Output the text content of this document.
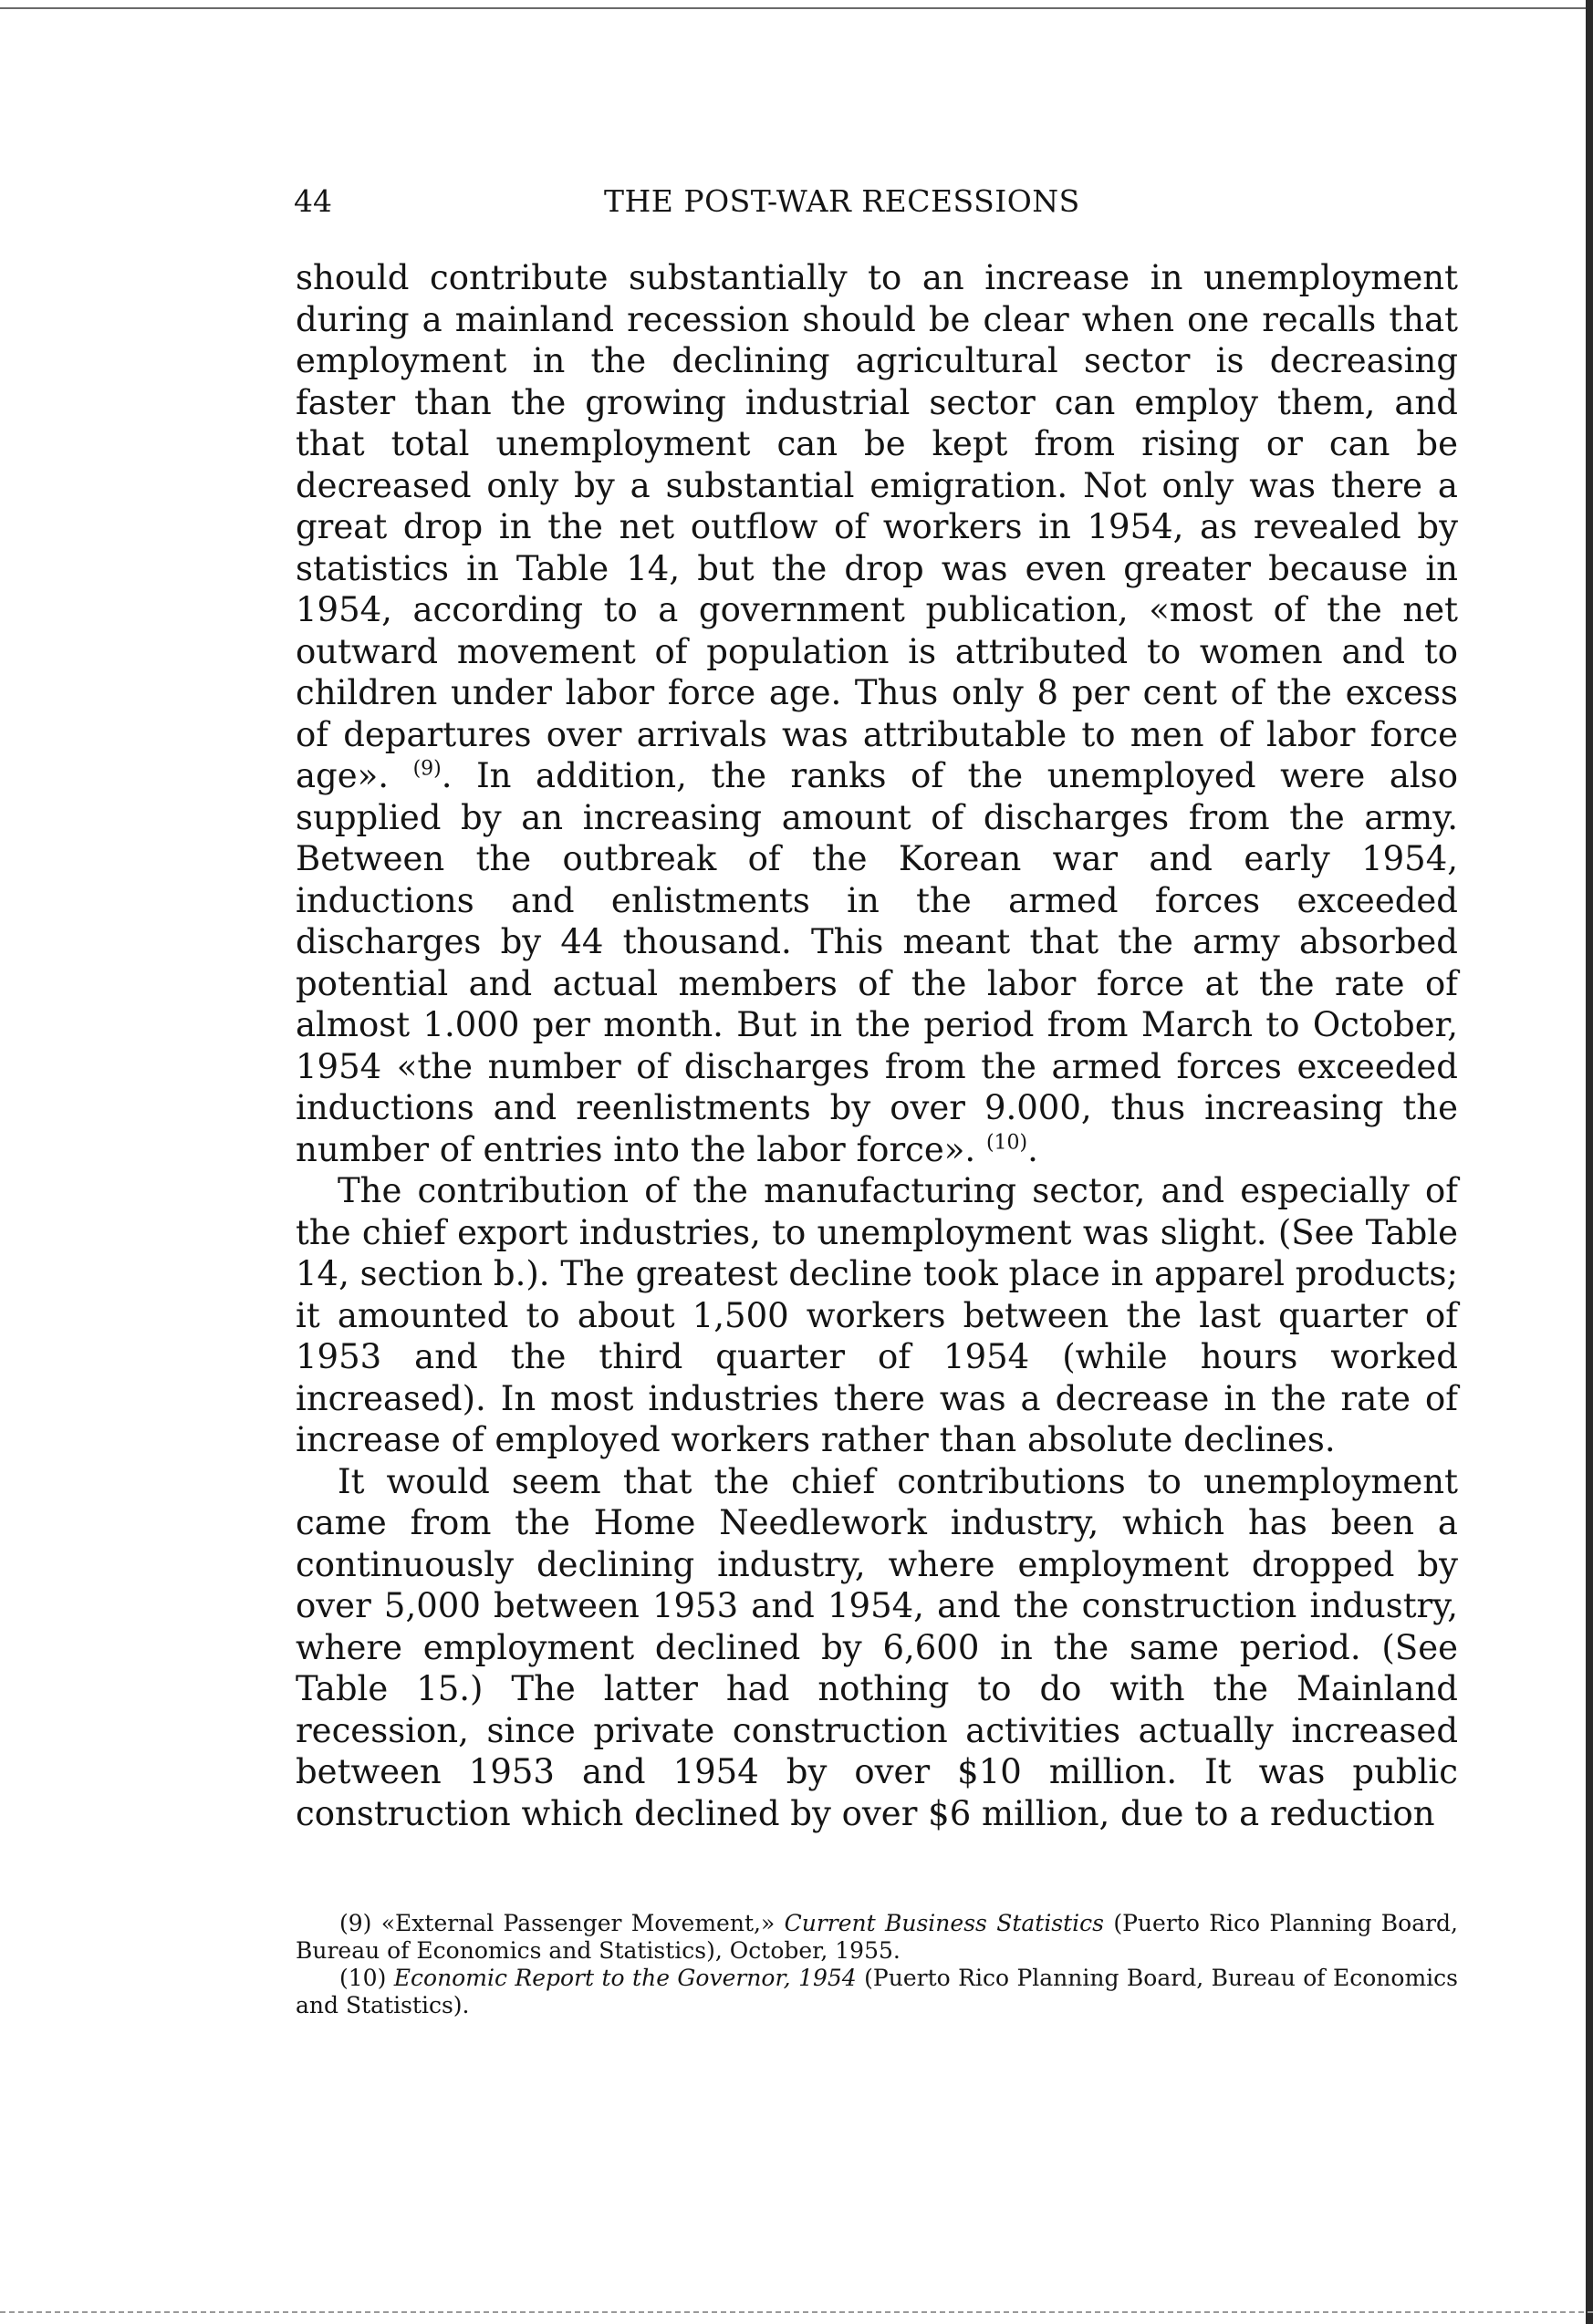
44	THE POST-WAR RECESSIONS

should contribute substantially to an increase in unemployment during a mainland recession should be clear when one recalls that employment in the declining agricultural sector is decreasing faster than the growing industrial sector can employ them, and that total unemployment can be kept from rising or can be decreased only by a substantial emigration. Not only was there a great drop in the net outflow of workers in 1954, as revealed by statistics in Table 14, but the drop was even greater because in 1954, according to a government publication, «most of the net outward movement of population is attributed to women and to children under labor force age. Thus only 8 per cent of the excess of departures over arrivals was attributable to men of labor force age». $^{(9)}$. In addition, the ranks of the unemployed were also supplied by an increasing amount of discharges from the army. Between the outbreak of the Korean war and early 1954, inductions and enlistments in the armed forces exceeded discharges by 44 thousand. This meant that the army absorbed potential and actual members of the labor force at the rate of almost 1.000 per month. But in the period from March to October, 1954 «the number of discharges from the armed forces exceeded inductions and reenlistments by over 9.000, thus increasing the number of entries into the labor force». $^{(10)}$.

The contribution of the manufacturing sector, and especially of the chief export industries, to unemployment was slight. (See Table 14, section b.). The greatest decline took place in apparel products; it amounted to about 1,500 workers between the last quarter of 1953 and the third quarter of 1954 (while hours worked increased). In most industries there was a decrease in the rate of increase of employed workers rather than absolute declines.

It would seem that the chief contributions to unemployment came from the Home Needlework industry, which has been a continuously declining industry, where employment dropped by over 5,000 between 1953 and 1954, and the construction industry, where employment declined by 6,600 in the same period. (See Table 15.) The latter had nothing to do with the Mainland recession, since private construction activities actually increased between 1953 and 1954 by over $10 million. It was public construction which declined by over $6 million, due to a reduction

(9) «External Passenger Movement,» Current Business Statistics (Puerto Rico Planning Board, Bureau of Economics and Statistics), October, 1955.

(10) Economic Report to the Governor, 1954 (Puerto Rico Planning Board, Bureau of Economics and Statistics).
